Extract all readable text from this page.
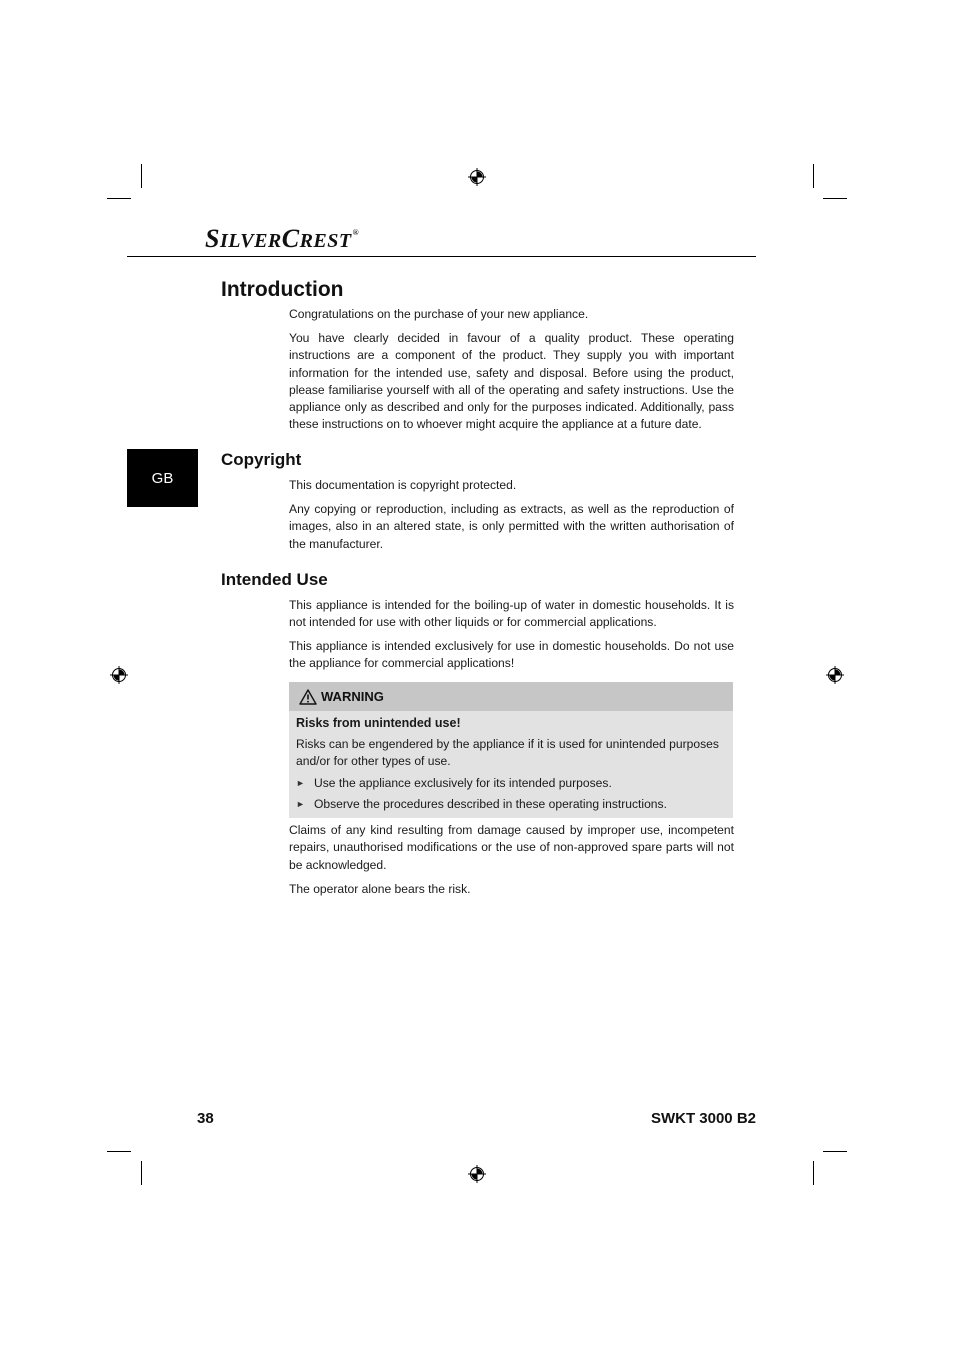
SILVERCREST®
GB
Introduction

Congratulations on the purchase of your new appliance.

You have clearly decided in favour of a quality product. These operating instructions are a component of the product. They supply you with important information for the intended use, safety and disposal. Before using the product, please familiarise yourself with all of the operating and safety instructions. Use the appliance only as described and only for the purposes indicated. Additionally, pass these instructions on to whoever might acquire the appliance at a future date.

Copyright

This documentation is copyright protected.

Any copying or reproduction, including as extracts, as well as the reproduction of images, also in an altered state, is only permitted with the written authorisation of the manufacturer.

Intended Use

This appliance is intended for the boiling-up of water in domestic households. It is not intended for use with other liquids or for commercial applications.

This appliance is intended exclusively for use in domestic households. Do not use the appliance for commercial applications!

WARNING

Risks from unintended use!

Risks can be engendered by the appliance if it is used for unintended purposes and/or for other types of use.

► Use the appliance exclusively for its intended purposes.
► Observe the procedures described in these operating instructions.

Claims of any kind resulting from damage caused by improper use, incompetent repairs, unauthorised modifications or the use of non-approved spare parts will not be acknowledged.

The operator alone bears the risk.

38	SWKT 3000 B2
